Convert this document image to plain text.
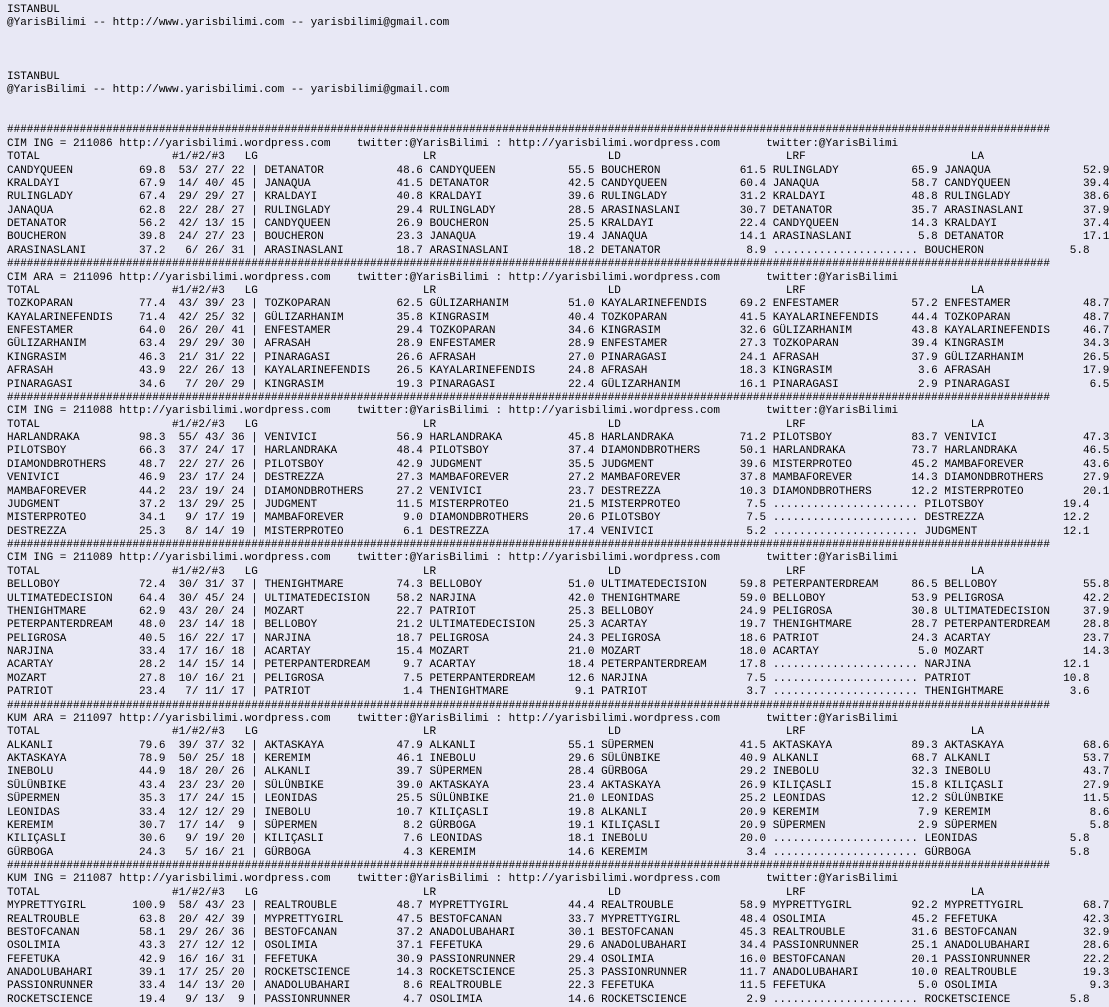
ISTANBUL
@YarisBilimi -- http://www.yarisbilimi.com -- yarisbilimi@gmail.com
ISTANBUL
@YarisBilimi -- http://www.yarisbilimi.com -- yarisbilimi@gmail.com
##############################################################################################################################################################
CIM ING = 211086 http://yarisbilimi.wordpress.com    twitter:@YarisBilimi : http://yarisbilimi.wordpress.com       twitter:@YarisBilimi
TOTAL                    #1/#2/#3   LG                         LR                          LD                         LRF                         LA
CANDYQUEEN          69.8  53/ 27/ 22 | DETANATOR           48.6 CANDYQUEEN           55.5 BOUCHERON            61.5 RULINGLADY           65.9 JANAQUA              52.9
KRALDAYI            67.9  14/ 40/ 45 | JANAQUA             41.5 DETANATOR            42.5 CANDYQUEEN           60.4 JANAQUA              58.7 CANDYQUEEN           39.4
RULINGLADY          67.4  29/ 29/ 27 | KRALDAYI            40.8 KRALDAYI             39.6 RULINGLADY           31.2 KRALDAYI             48.8 RULINGLADY           38.6
JANAQUA             62.8  22/ 28/ 27 | RULINGLADY          29.4 RULINGLADY           28.5 ARASINASLANI         30.7 DETANATOR            35.7 ARASINASLANI         37.9
DETANATOR           56.2  42/ 13/ 15 | CANDYQUEEN          26.9 BOUCHERON            25.5 KRALDAYI             22.4 CANDYQUEEN           14.3 KRALDAYI             37.4
BOUCHERON           39.8  24/ 27/ 23 | BOUCHERON           23.3 JANAQUA              19.4 JANAQUA              14.1 ARASINASLANI          5.8 DETANATOR            17.1
ARASINASLANI        37.2   6/ 26/ 31 | ARASINASLANI        18.7 ARASINASLANI         18.2 DETANATOR             8.9 ...................... BOUCHERON             5.8
##############################################################################################################################################################
CIM ARA = 211096 http://yarisbilimi.wordpress.com    twitter:@YarisBilimi : http://yarisbilimi.wordpress.com       twitter:@YarisBilimi
TOTAL                    #1/#2/#3   LG                         LR                          LD                         LRF                         LA
TOZKOPARAN          77.4  43/ 39/ 23 | TOZKOPARAN          62.5 GÜLIZARHANIM         51.0 KAYALARINEFENDIS     69.2 ENFESTAMER           57.2 ENFESTAMER           48.7
KAYALARINEFENDIS    71.4  42/ 25/ 32 | GÜLIZARHANIM        35.8 KINGRASIM            40.4 TOZKOPARAN           41.5 KAYALARINEFENDIS     44.4 TOZKOPARAN           48.7
ENFESTAMER          64.0  26/ 20/ 41 | ENFESTAMER          29.4 TOZKOPARAN           34.6 KINGRASIM            32.6 GÜLIZARHANIM         43.8 KAYALARINEFENDIS     46.7
GÜLIZARHANIM        63.4  29/ 29/ 30 | AFRASAH             28.9 ENFESTAMER           28.9 ENFESTAMER           27.3 TOZKOPARAN           39.4 KINGRASIM            34.3
KINGRASIM           46.3  21/ 31/ 22 | PINARAGASI          26.6 AFRASAH              27.0 PINARAGASI           24.1 AFRASAH              37.9 GÜLIZARHANIM         26.5
AFRASAH             43.9  22/ 26/ 13 | KAYALARINEFENDIS    26.5 KAYALARINEFENDIS     24.8 AFRASAH              18.3 KINGRASIM             3.6 AFRASAH              17.9
PINARAGASI          34.6   7/ 20/ 29 | KINGRASIM           19.3 PINARAGASI           22.4 GÜLIZARHANIM         16.1 PINARAGASI            2.9 PINARAGASI            6.5
##############################################################################################################################################################
CIM ING = 211088 http://yarisbilimi.wordpress.com    twitter:@YarisBilimi : http://yarisbilimi.wordpress.com       twitter:@YarisBilimi
TOTAL                    #1/#2/#3   LG                         LR                          LD                         LRF                         LA
HARLANDRAKA         98.3  55/ 43/ 36 | VENIVICI            56.9 HARLANDRAKA          45.8 HARLANDRAKA          71.2 PILOTSBOY            83.7 VENIVICI             47.3
PILOTSBOY           66.3  37/ 24/ 17 | HARLANDRAKA         48.4 PILOTSBOY            37.4 DIAMONDBROTHERS      50.1 HARLANDRAKA          73.7 HARLANDRAKA          46.5
DIAMONDBROTHERS     48.7  22/ 27/ 26 | PILOTSBOY           42.9 JUDGMENT             35.5 JUDGMENT             39.6 MISTERPROTEO         45.2 MAMBAFOREVER         43.6
VENIVICI            46.9  23/ 17/ 24 | DESTREZZA           27.3 MAMBAFOREVER         27.2 MAMBAFOREVER         37.8 MAMBAFOREVER         14.3 DIAMONDBROTHERS      27.9
MAMBAFOREVER        44.2  23/ 19/ 24 | DIAMONDBROTHERS     27.2 VENIVICI             23.7 DESTREZZA            10.3 DIAMONDBROTHERS      12.2 MISTERPROTEO         20.1
JUDGMENT            37.2  13/ 29/ 25 | JUDGMENT            11.5 MISTERPROTEO         21.5 MISTERPROTEO          7.5 ...................... PILOTSBOY            19.4
MISTERPROTEO        34.1   9/ 17/ 19 | MAMBAFOREVER         9.0 DIAMONDBROTHERS      20.6 PILOTSBOY             7.5 ...................... DESTREZZA            12.2
DESTREZZA           25.3   8/ 14/ 19 | MISTERPROTEO         6.1 DESTREZZA            17.4 VENIVICI              5.2 ...................... JUDGMENT             12.1
##############################################################################################################################################################
CIM ING = 211089 http://yarisbilimi.wordpress.com    twitter:@YarisBilimi : http://yarisbilimi.wordpress.com       twitter:@YarisBilimi
TOTAL                    #1/#2/#3   LG                         LR                          LD                         LRF                         LA
BELLOBOY            72.4  30/ 31/ 37 | THENIGHTMARE        74.3 BELLOBOY             51.0 ULTIMATEDECISION     59.8 PETERPANTERDREAM     86.5 BELLOBOY             55.8
ULTIMATEDECISION    64.4  30/ 45/ 24 | ULTIMATEDECISION    58.2 NARJINA              42.0 THENIGHTMARE         59.0 BELLOBOY             53.9 PELIGROSA            42.2
THENIGHTMARE        62.9  43/ 20/ 24 | MOZART              22.7 PATRIOT              25.3 BELLOBOY             24.9 PELIGROSA            30.8 ULTIMATEDECISION     37.9
PETERPANTERDREAM    48.0  23/ 14/ 18 | BELLOBOY            21.2 ULTIMATEDECISION     25.3 ACARTAY              19.7 THENIGHTMARE         28.7 PETERPANTERDREAM     28.8
PELIGROSA           40.5  16/ 22/ 17 | NARJINA             18.7 PELIGROSA            24.3 PELIGROSA            18.6 PATRIOT              24.3 ACARTAY              23.7
NARJINA             33.4  17/ 16/ 18 | ACARTAY             15.4 MOZART               21.0 MOZART               18.0 ACARTAY               5.0 MOZART               14.3
ACARTAY             28.2  14/ 15/ 14 | PETERPANTERDREAM     9.7 ACARTAY              18.4 PETERPANTERDREAM     17.8 ...................... NARJINA              12.1
MOZART              27.8  10/ 16/ 21 | PELIGROSA            7.5 PETERPANTERDREAM     12.6 NARJINA               7.5 ...................... PATRIOT              10.8
PATRIOT             23.4   7/ 11/ 17 | PATRIOT              1.4 THENIGHTMARE          9.1 PATRIOT               3.7 ...................... THENIGHTMARE          3.6
##############################################################################################################################################################
KUM ARA = 211097 http://yarisbilimi.wordpress.com    twitter:@YarisBilimi : http://yarisbilimi.wordpress.com       twitter:@YarisBilimi
TOTAL                    #1/#2/#3   LG                         LR                          LD                         LRF                         LA
ALKANLI             79.6  39/ 37/ 32 | AKTASKAYA           47.9 ALKANLI              55.1 SÜPERMEN             41.5 AKTASKAYA            89.3 AKTASKAYA            68.6
AKTASKAYA           78.9  50/ 25/ 18 | KEREMIM             46.1 INEBOLU              29.6 SÜLÜNBIKE            40.9 ALKANLI              68.7 ALKANLI              53.7
INEBOLU             44.9  18/ 20/ 26 | ALKANLI             39.7 SÜPERMEN             28.4 GÜRBOGA              29.2 INEBOLU              32.3 INEBOLU              43.7
SÜLÜNBIKE           43.4  23/ 23/ 20 | SÜLÜNBIKE           39.0 AKTASKAYA            23.4 AKTASKAYA            26.9 KILIÇASLI            15.8 KILIÇASLI            27.9
SÜPERMEN            35.3  17/ 24/ 15 | LEONIDAS            25.5 SÜLÜNBIKE            21.0 LEONIDAS             25.2 LEONIDAS             12.2 SÜLÜNBIKE            11.5
LEONIDAS            33.4  12/ 12/ 29 | INEBOLU             10.7 KILIÇASLI            19.8 ALKANLI              20.9 KEREMIM               7.9 KEREMIM               8.6
KEREMIM             30.7  17/ 14/  9 | SÜPERMEN             8.2 GÜRBOGA              19.1 KILIÇASLI            20.9 SÜPERMEN              2.9 SÜPERMEN              5.8
KILIÇASLI           30.6   9/ 19/ 20 | KILIÇASLI            7.6 LEONIDAS             18.1 INEBOLU              20.0 ...................... LEONIDAS              5.8
GÜRBOGA             24.3   5/ 16/ 21 | GÜRBOGA              4.3 KEREMIM              14.6 KEREMIM               3.4 ...................... GÜRBOGA               5.8
##############################################################################################################################################################
KUM ING = 211087 http://yarisbilimi.wordpress.com    twitter:@YarisBilimi : http://yarisbilimi.wordpress.com       twitter:@YarisBilimi
TOTAL                    #1/#2/#3   LG                         LR                          LD                         LRF                         LA
MYPRETTYGIRL       100.9  58/ 43/ 23 | REALTROUBLE         48.7 MYPRETTYGIRL         44.4 REALTROUBLE          58.9 MYPRETTYGIRL         92.2 MYPRETTYGIRL         68.7
REALTROUBLE         63.8  20/ 42/ 39 | MYPRETTYGIRL        47.5 BESTOFCANAN          33.7 MYPRETTYGIRL         48.4 OSOLIMIA             45.2 FEFETUKA             42.3
BESTOFCANAN         58.1  29/ 26/ 36 | BESTOFCANAN         37.2 ANADOLUBAHARI        30.1 BESTOFCANAN          45.3 REALTROUBLE          31.6 BESTOFCANAN          32.9
OSOLIMIA            43.3  27/ 12/ 12 | OSOLIMIA            37.1 FEFETUKA             29.6 ANADOLUBAHARI        34.4 PASSIONRUNNER        25.1 ANADOLUBAHARI        28.6
FEFETUKA            42.9  16/ 16/ 31 | FEFETUKA            30.9 PASSIONRUNNER        29.4 OSOLIMIA             16.0 BESTOFCANAN          20.1 PASSIONRUNNER        22.2
ANADOLUBAHARI       39.1  17/ 25/ 20 | ROCKETSCIENCE       14.3 ROCKETSCIENCE        25.3 PASSIONRUNNER        11.7 ANADOLUBAHARI        10.0 REALTROUBLE          19.3
PASSIONRUNNER       33.4  14/ 13/ 20 | ANADOLUBAHARI        8.6 REALTROUBLE          22.3 FEFETUKA             11.5 FEFETUKA              5.0 OSOLIMIA              9.3
ROCKETSCIENCE       19.4   9/ 13/  9 | PASSIONRUNNER        4.7 OSOLIMIA             14.6 ROCKETSCIENCE         2.9 ...................... ROCKETSCIENCE         5.8
